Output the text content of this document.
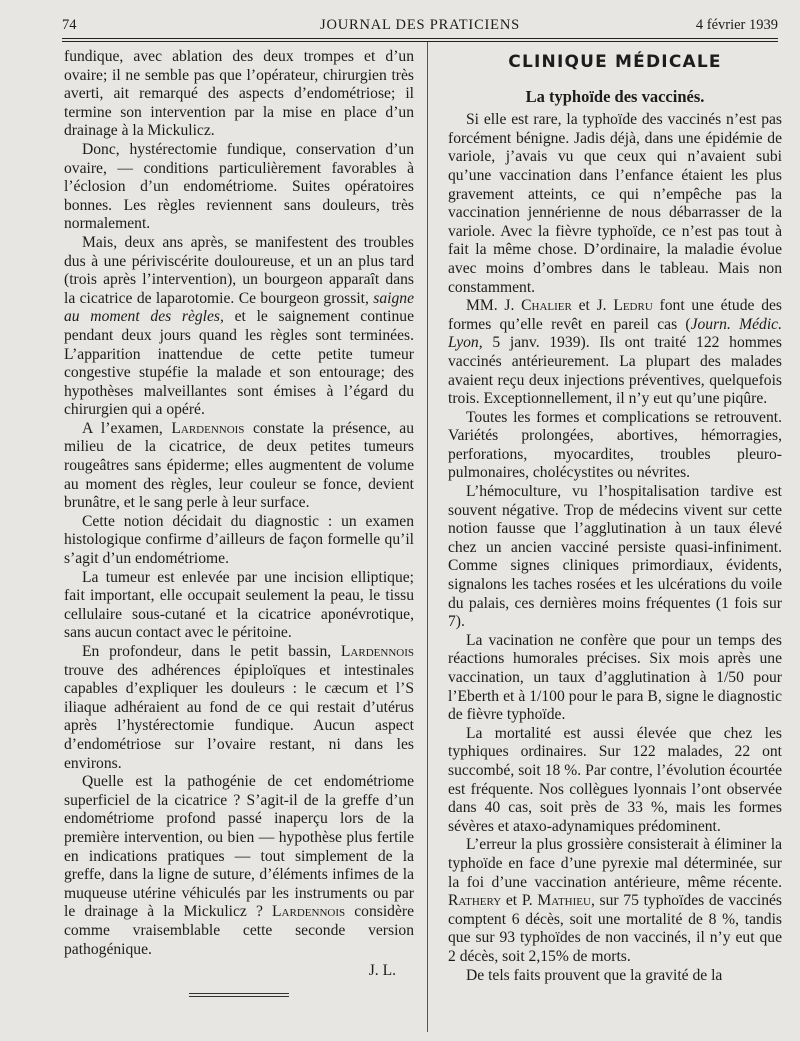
74	JOURNAL DES PRATICIENS	4 février 1939

fundique, avec ablation des deux trompes et d’un ovaire; il ne semble pas que l’opérateur, chirurgien très averti, ait remarqué des aspects d’endométriose; il termine son intervention par la mise en place d’un drainage à la Mickulicz.

Donc, hystérectomie fundique, conservation d’un ovaire, — conditions particulièrement favorables à l’éclosion d’un endométriome. Suites opératoires bonnes. Les règles reviennent sans douleurs, très normalement.

Mais, deux ans après, se manifestent des troubles dus à une périviscérite douloureuse, et un an plus tard (trois après l’intervention), un bourgeon apparaît dans la cicatrice de laparotomie. Ce bourgeon grossit, saigne au moment des règles, et le saignement continue pendant deux jours quand les règles sont terminées. L’apparition inattendue de cette petite tumeur congestive stupéfie la malade et son entourage; des hypothèses malveillantes sont émises à l’égard du chirurgien qui a opéré.

A l’examen, Lardennois constate la présence, au milieu de la cicatrice, de deux petites tumeurs rougeâtres sans épiderme; elles augmentent de volume au moment des règles, leur couleur se fonce, devient brunâtre, et le sang perle à leur surface.

Cette notion décidait du diagnostic : un examen histologique confirme d’ailleurs de façon formelle qu’il s’agit d’un endométriome.

La tumeur est enlevée par une incision elliptique; fait important, elle occupait seulement la peau, le tissu cellulaire sous-cutané et la cicatrice aponévrotique, sans aucun contact avec le péritoine.

En profondeur, dans le petit bassin, Lardennois trouve des adhérences épiploïques et intestinales capables d’expliquer les douleurs : le cæcum et l’S iliaque adhéraient au fond de ce qui restait d’utérus après l’hystérectomie fundique. Aucun aspect d’endométriose sur l’ovaire restant, ni dans les environs.

Quelle est la pathogénie de cet endométriome superficiel de la cicatrice ? S’agit-il de la greffe d’un endométriome profond passé inaperçu lors de la première intervention, ou bien — hypothèse plus fertile en indications pratiques — tout simplement de la greffe, dans la ligne de suture, d’éléments infimes de la muqueuse utérine véhiculés par les instruments ou par le drainage à la Mickulicz ? Lardennois considère comme vraisemblable cette seconde version pathogénique.

J. L.
CLINIQUE MÉDICALE
La typhoïde des vaccinés.

Si elle est rare, la typhoïde des vaccinés n’est pas forcément bénigne. Jadis déjà, dans une épidémie de variole, j’avais vu que ceux qui n’avaient subi qu’une vaccination dans l’enfance étaient les plus gravement atteints, ce qui n’empêche pas la vaccination jennérienne de nous débarrasser de la variole. Avec la fièvre typhoïde, ce n’est pas tout à fait la même chose. D’ordinaire, la maladie évolue avec moins d’ombres dans le tableau. Mais non constamment.

MM. J. Chalier et J. Ledru font une étude des formes qu’elle revêt en pareil cas (Journ. Médic. Lyon, 5 janv. 1939). Ils ont traité 122 hommes vaccinés antérieurement. La plupart des malades avaient reçu deux injections préventives, quelquefois trois. Exceptionnellement, il n’y eut qu’une piqûre.

Toutes les formes et complications se retrouvent. Variétés prolongées, abortives, hémorragies, perforations, myocardites, troubles pleuro-pulmonaires, cholécystites ou névrites.

L’hémoculture, vu l’hospitalisation tardive est souvent négative. Trop de médecins vivent sur cette notion fausse que l’agglutination à un taux élevé chez un ancien vacciné persiste quasi-infiniment. Comme signes cliniques primordiaux, évidents, signalons les taches rosées et les ulcérations du voile du palais, ces dernières moins fréquentes (1 fois sur 7).

La vacination ne confère que pour un temps des réactions humorales précises. Six mois après une vaccination, un taux d’agglutination à 1/50 pour l’Eberth et à 1/100 pour le para B, signe le diagnostic de fièvre typhoïde.

La mortalité est aussi élevée que chez les typhiques ordinaires. Sur 122 malades, 22 ont succombé, soit 18 %. Par contre, l’évolution écourtée est fréquente. Nos collègues lyonnais l’ont observée dans 40 cas, soit près de 33 %, mais les formes sévères et ataxo-adynamiques prédominent.

L’erreur la plus grossière consisterait à éliminer la typhoïde en face d’une pyrexie mal déterminée, sur la foi d’une vaccination antérieure, même récente. Rathery et P. Mathieu, sur 75 typhoïdes de vaccinés comptent 6 décès, soit une mortalité de 8 %, tandis que sur 93 typhoïdes de non vaccinés, il n’y eut que 2 décès, soit 2,15% de morts.

De tels faits prouvent que la gravité de la
